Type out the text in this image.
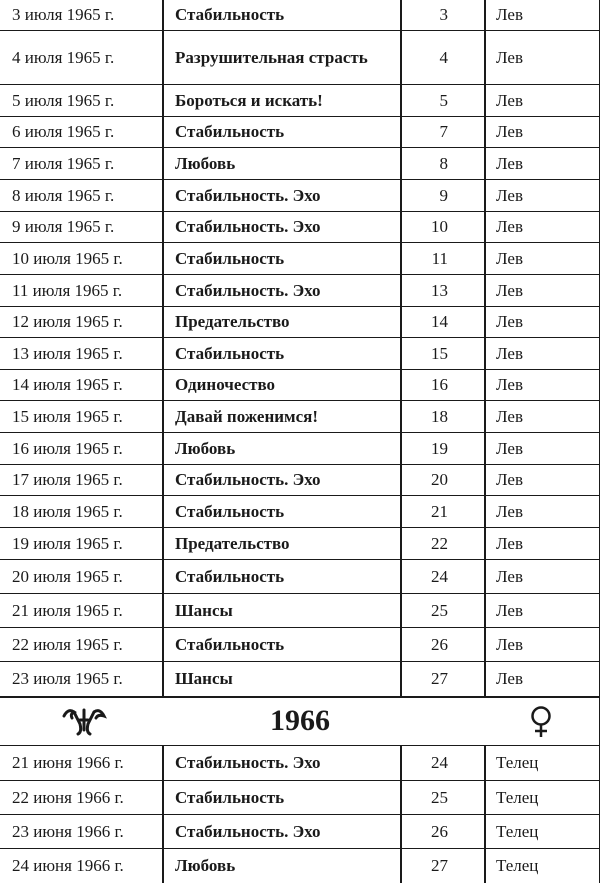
3 июля 1965 г.	Стабильность	3	Лев
4 июля 1965 г.	Разрушительная страсть	4	Лев
5 июля 1965 г.	Бороться и искать!	5	Лев
6 июля 1965 г.	Стабильность	7	Лев
7 июля 1965 г.	Любовь	8	Лев
8 июля 1965 г.	Стабильность. Эхо	9	Лев
9 июля 1965 г.	Стабильность. Эхо	10	Лев
10 июля 1965 г.	Стабильность	11	Лев
11 июля 1965 г.	Стабильность. Эхо	13	Лев
12 июля 1965 г.	Предательство	14	Лев
13 июля 1965 г.	Стабильность	15	Лев
14 июля 1965 г.	Одиночество	16	Лев
15 июля 1965 г.	Давай поженимся!	18	Лев
16 июля 1965 г.	Любовь	19	Лев
17 июля 1965 г.	Стабильность. Эхо	20	Лев
18 июля 1965 г.	Стабильность	21	Лев
19 июля 1965 г.	Предательство	22	Лев
20 июля 1965 г.	Стабильность	24	Лев
21 июля 1965 г.	Шансы	25	Лев
22 июля 1965 г.	Стабильность	26	Лев
23 июля 1965 г.	Шансы	27	Лев
1966
21 июня 1966 г.	Стабильность. Эхо	24	Телец
22 июня 1966 г.	Стабильность	25	Телец
23 июня 1966 г.	Стабильность. Эхо	26	Телец
24 июня 1966 г.	Любовь	27	Телец
